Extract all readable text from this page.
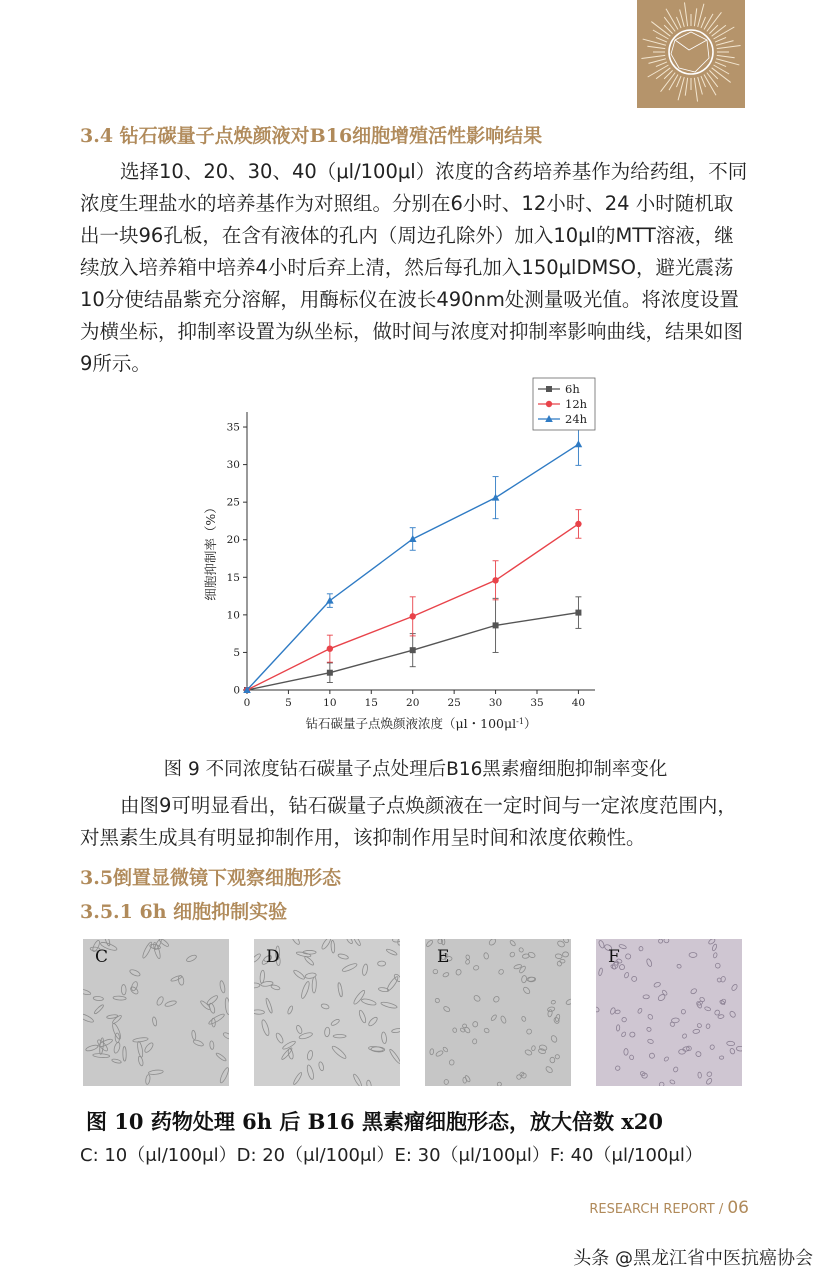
3.4 钻石碳量子点焕颜液对B16细胞增殖活性影响结果

选择10、20、30、40（μl/100μl）浓度的含药培养基作为给药组，不同浓度生理盐水的培养基作为对照组。分别在6小时、12小时、24 小时随机取出一块96孔板，在含有液体的孔内（周边孔除外）加入10μl的MTT溶液，继续放入培养箱中培养4小时后弃上清，然后每孔加入150μlDMSO，避光震荡10分使结晶紫充分溶解，用酶标仪在波长490nm处测量吸光值。将浓度设置为横坐标，抑制率设置为纵坐标，做时间与浓度对抑制率影响曲线，结果如图9所示。

0	5	10	15	20	25	30	35	40
0
5
10
15
20
25
30
35
钻石碳量子点焕颜液浓度（μl・$100\mu l^{-1}$）
细胞抑制率（%）
6h
12h
24h
图 9 不同浓度钻石碳量子点处理后B16黑素瘤细胞抑制率变化

由图9可明显看出，钻石碳量子点焕颜液在一定时间与一定浓度范围内，对黑素生成具有明显抑制作用，该抑制作用呈时间和浓度依赖性。

3.5倒置显微镜下观察细胞形态
3.5.1 6h 细胞抑制实验
C	D	E	F
图 10 药物处理 6h 后 B16 黑素瘤细胞形态，放大倍数 x20
C: 10（μl/100μl）D: 20（μl/100μl）E: 30（μl/100μl）F: 40（μl/100μl）
RESEARCH REPORT / 06
头条 @黑龙江省中医抗癌协会
